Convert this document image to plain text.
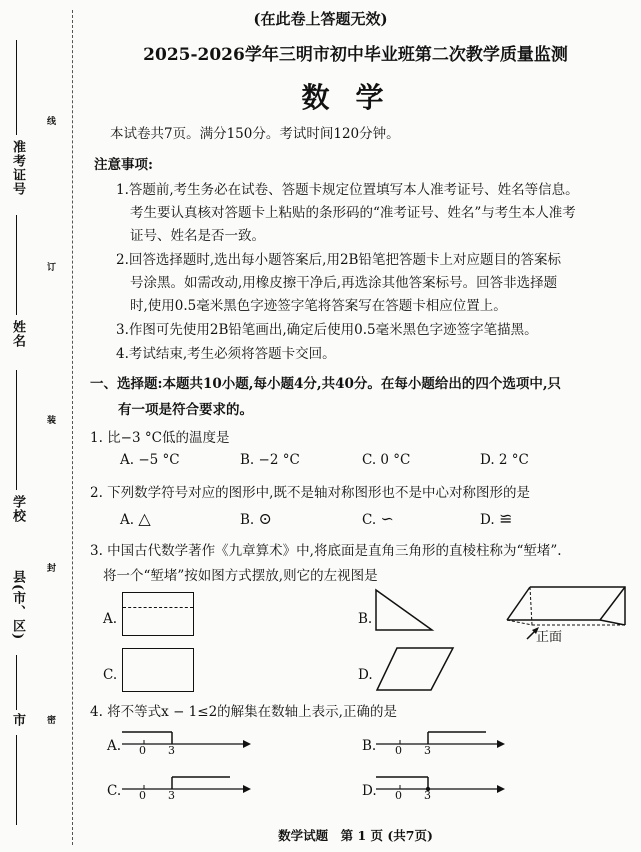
线
订
装
封
密
准考证号
姓名
学校
县(市、区)
市
(在此卷上答题无效)
2025-2026学年三明市初中毕业班第二次教学质量监测
数学
本试卷共7页。满分150分。考试时间120分钟。
注意事项:
1.答题前,考生务必在试卷、答题卡规定位置填写本人准考证号、姓名等信息。
考生要认真核对答题卡上粘贴的条形码的“准考证号、姓名”与考生本人准考
证号、姓名是否一致。
2.回答选择题时,选出每小题答案后,用2B铅笔把答题卡上对应题目的答案标
号涂黑。如需改动,用橡皮擦干净后,再选涂其他答案标号。回答非选择题
时,使用0.5毫米黑色字迹签字笔将答案写在答题卡相应位置上。
3.作图可先使用2B铅笔画出,确定后使用0.5毫米黑色字迹签字笔描黑。
4.考试结束,考生必须将答题卡交回。
一、选择题:本题共10小题,每小题4分,共40分。在每小题给出的四个选项中,只
有一项是符合要求的。
1. 比−3 °C低的温度是
A. −5 °C	B. −2 °C	C. 0 °C	D. 2 °C
2. 下列数学符号对应的图形中,既不是轴对称图形也不是中心对称图形的是
A. △	B. ⊙	C. ∽	D. ≌
3. 中国古代数学著作《九章算术》中,将底面是直角三角形的直棱柱称为“堑堵”.
将一个“堑堵”按如图方式摆放,则它的左视图是
A.	B.
正面
C.	D.
4. 将不等式x − 1≤2的解集在数轴上表示,正确的是
A. 0 3	B. 0 3
C. 0 3	D. 0 3
数学试题　第 1 页 (共7页)
